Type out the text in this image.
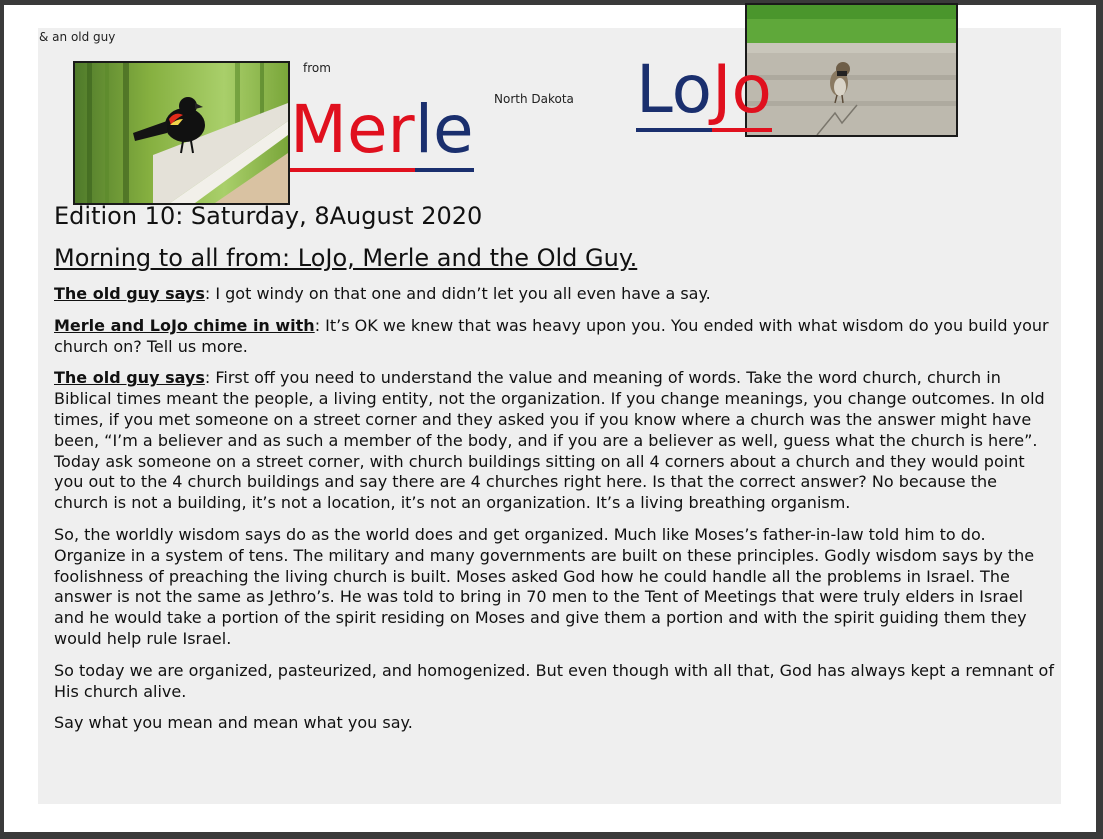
& an old guy
from
North Dakota
Merle
LoJo
Edition 10: Saturday, 8August 2020
Morning to all from: LoJo, Merle and the Old Guy.

The old guy says: I got windy on that one and didn’t let you all even have a say.

Merle and LoJo chime in with: It’s OK we knew that was heavy upon you. You ended with what wisdom do you build your church on? Tell us more.

The old guy says: First off you need to understand the value and meaning of words. Take the word church, church in Biblical times meant the people, a living entity, not the organization. If you change meanings, you change outcomes. In old times, if you met someone on a street corner and they asked you if you know where a church was the answer might have been, “I’m a believer and as such a member of the body, and if you are a believer as well, guess what the church is here”. Today ask someone on a street corner, with church buildings sitting on all 4 corners about a church and they would point you out to the 4 church buildings and say there are 4 churches right here. Is that the correct answer? No because the church is not a building, it’s not a location, it’s not an organization. It’s a living breathing organism.

So, the worldly wisdom says do as the world does and get organized. Much like Moses’s father-in-law told him to do. Organize in a system of tens. The military and many governments are built on these principles. Godly wisdom says by the foolishness of preaching the living church is built. Moses asked God how he could handle all the problems in Israel. The answer is not the same as Jethro’s. He was told to bring in 70 men to the Tent of Meetings that were truly elders in Israel and he would take a portion of the spirit residing on Moses and give them a portion and with the spirit guiding them they would help rule Israel.

So today we are organized, pasteurized, and homogenized. But even though with all that, God has always kept a remnant of His church alive.

Say what you mean and mean what you say.
